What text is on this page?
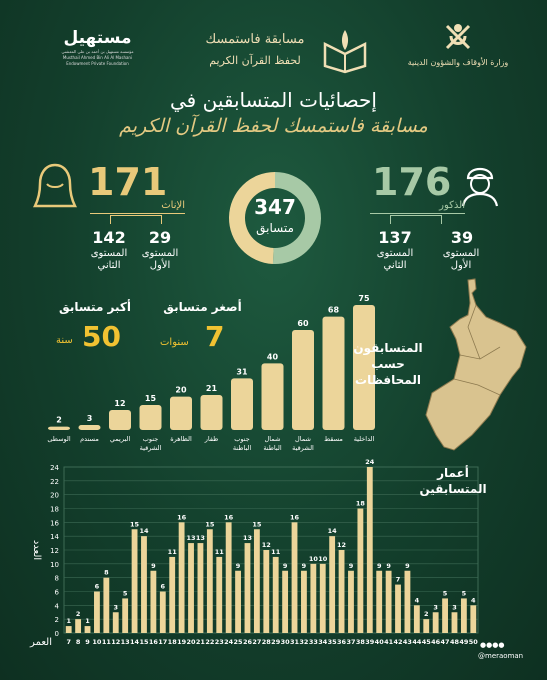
مستهيل
مؤسسة مستهيل بن أحمد بن علي المعشني
Musthail Ahmed Bin Ali Al Mashani
Endowment Private Foundation
مسابقة فاستمسك
لحفظ القرآن الكريم	وزارة الأوقاف والشؤون الدينية
إحصائيات المتسابقين في
مسابقة فاستمسك لحفظ القرآن الكريم
347
متسابق
171
الإناث
29
المستوى الأول
142
المستوى الثاني
176
الذكور
39
المستوى الأول
137
المستوى الثاني
أكبر متسابق
50
سنة
أصغر متسابق
7
سنوات
75
الداخلية
68
مسقط
60
شمال
الشرقية
40
شمال
الباطنة
31
جنوب
الباطنة
21
ظفار
20
الظاهرة
15
جنوب
الشرقية
12
البريمي
3
مسندم
2
الوسطى
المتسابقون حسب المحافظات
0
2
4
6
8
10
12
14
16
18
20
22
24
1
7
2
8
1
9
6
10
8
11
3
12
5
13
15
14
14
15
9
16
6
17
11
18
16
19
13
20
13
21
15
22
11
23
16
24
9
25
13
26
15
27
12
28
11
29
9
30
16
31
9
32
10
33
10
34
14
35
12
36
9
37
18
38
24
39
9
40
9
41
7
42
9
43
4
44
2
45
3
46
5
47
3
48
5
49
4
50
العدد
العمر
أعمار المتسابقين
@meraoman
●●●●
